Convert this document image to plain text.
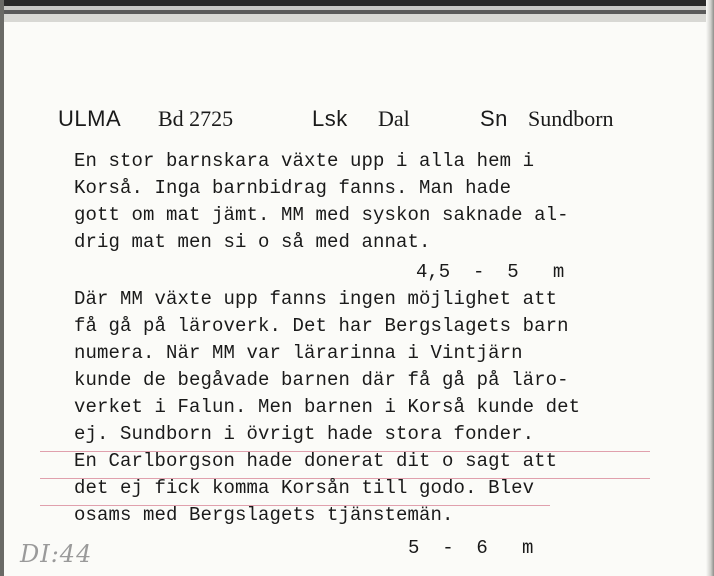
ULMA Bd 2725	Lsk Dal	Sn Sundborn
En stor barnskara växte upp i alla hem i
Korså. Inga barnbidrag fanns. Man hade
gott om mat jämt. MM med syskon saknade al-
drig mat men si o så med annat.
4,5  -  5   m
Där MM växte upp fanns ingen möjlighet att
få gå på läroverk. Det har Bergslagets barn
numera. När MM var lärarinna i Vintjärn
kunde de begåvade barnen där få gå på läro-
verket i Falun. Men barnen i Korså kunde det
ej. Sundborn i övrigt hade stora fonder.
En Carlborgson hade donerat dit o sagt att
det ej fick komma Korsån till godo. Blev
osams med Bergslagets tjänstemän.
5  -  6   m
DI:44
